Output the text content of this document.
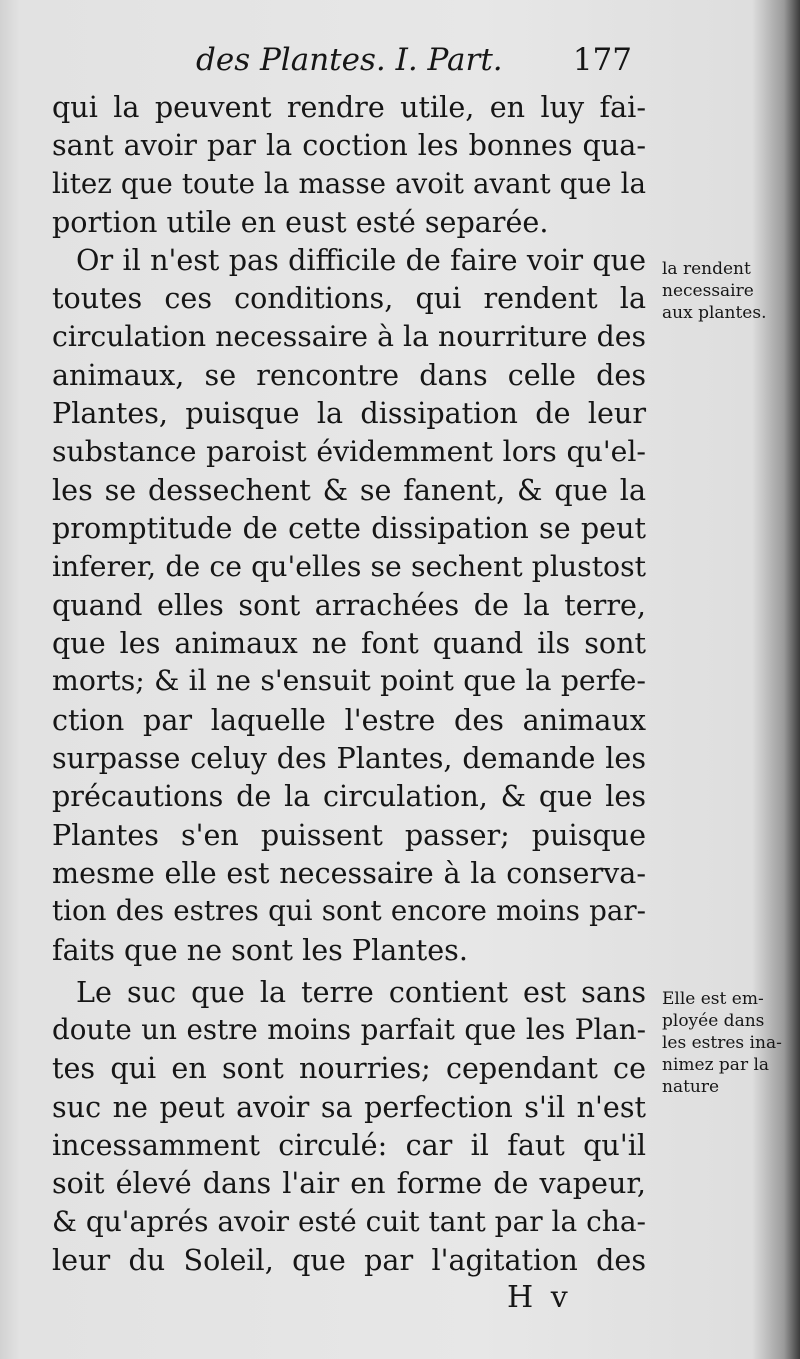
des Plantes. I. Part. 177
qui la peuvent rendre utile, en luy fai-
sant avoir par la coction les bonnes qua-
litez que toute la masse avoit avant que la
portion utile en eust esté separée.
Or il n'est pas difficile de faire voir que
toutes ces conditions, qui rendent la
circulation necessaire à la nourriture des
animaux, se rencontre dans celle des
Plantes, puisque la dissipation de leur
substance paroist évidemment lors qu'el-
les se dessechent & se fanent, & que la
promptitude de cette dissipation se peut
inferer, de ce qu'elles se sechent plustost
quand elles sont arrachées de la terre,
que les animaux ne font quand ils sont
morts; & il ne s'ensuit point que la perfe-
ction par laquelle l'estre des animaux
surpasse celuy des Plantes, demande les
précautions de la circulation, & que les
Plantes s'en puissent passer; puisque
mesme elle est necessaire à la conserva-
tion des estres qui sont encore moins par-
faits que ne sont les Plantes.
Le suc que la terre contient est sans
doute un estre moins parfait que les Plan-
tes qui en sont nourries; cependant ce
suc ne peut avoir sa perfection s'il n'est
incessamment circulé: car il faut qu'il
soit élevé dans l'air en forme de vapeur,
& qu'aprés avoir esté cuit tant par la cha-
leur du Soleil, que par l'agitation des
la rendent
necessaire
aux plantes.
Elle est em-
ployée dans
les estres ina-
nimez par la
nature
H v
